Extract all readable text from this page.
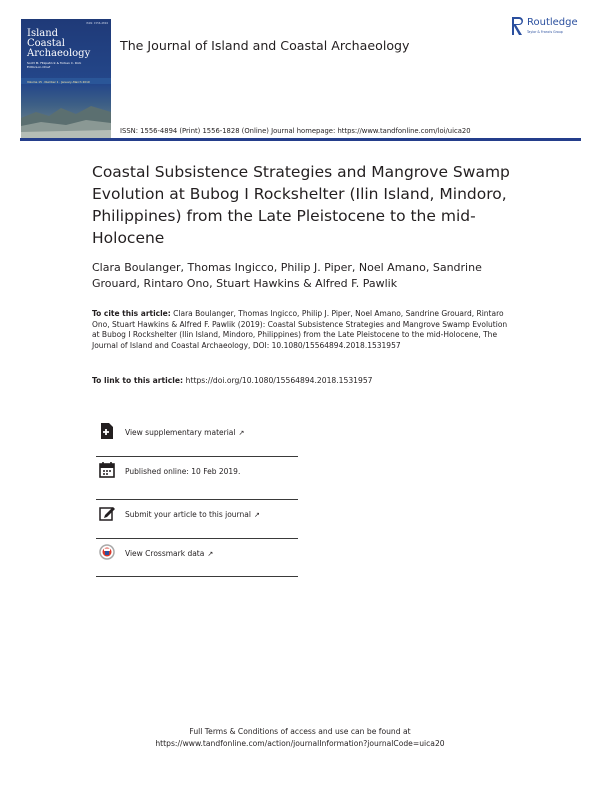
ISSN: 1556-4894
Island
Coastal
Archaeology
Scott M. Fitzpatrick & Torben C. Rick
Editors-in-Chief
Volume 15 · Number 1 · January–March 2019
The Journal of Island and Coastal Archaeology
Routledge
Taylor & Francis Group
ISSN: 1556-4894 (Print) 1556-1828 (Online) Journal homepage: https://www.tandfonline.com/loi/uica20
Coastal Subsistence Strategies and Mangrove Swamp Evolution at Bubog I Rockshelter (Ilin Island, Mindoro, Philippines) from the Late Pleistocene to the mid-Holocene
Clara Boulanger, Thomas Ingicco, Philip J. Piper, Noel Amano, Sandrine Grouard, Rintaro Ono, Stuart Hawkins & Alfred F. Pawlik
To cite this article: Clara Boulanger, Thomas Ingicco, Philip J. Piper, Noel Amano, Sandrine Grouard, Rintaro Ono, Stuart Hawkins & Alfred F. Pawlik (2019): Coastal Subsistence Strategies and Mangrove Swamp Evolution at Bubog I Rockshelter (Ilin Island, Mindoro, Philippines) from the Late Pleistocene to the mid-Holocene, The Journal of Island and Coastal Archaeology, DOI: 10.1080/15564894.2018.1531957
To link to this article: https://doi.org/10.1080/15564894.2018.1531957
View supplementary material ↗
Published online: 10 Feb 2019.
Submit your article to this journal ↗
View Crossmark data ↗
Full Terms & Conditions of access and use can be found at
https://www.tandfonline.com/action/journalInformation?journalCode=uica20
